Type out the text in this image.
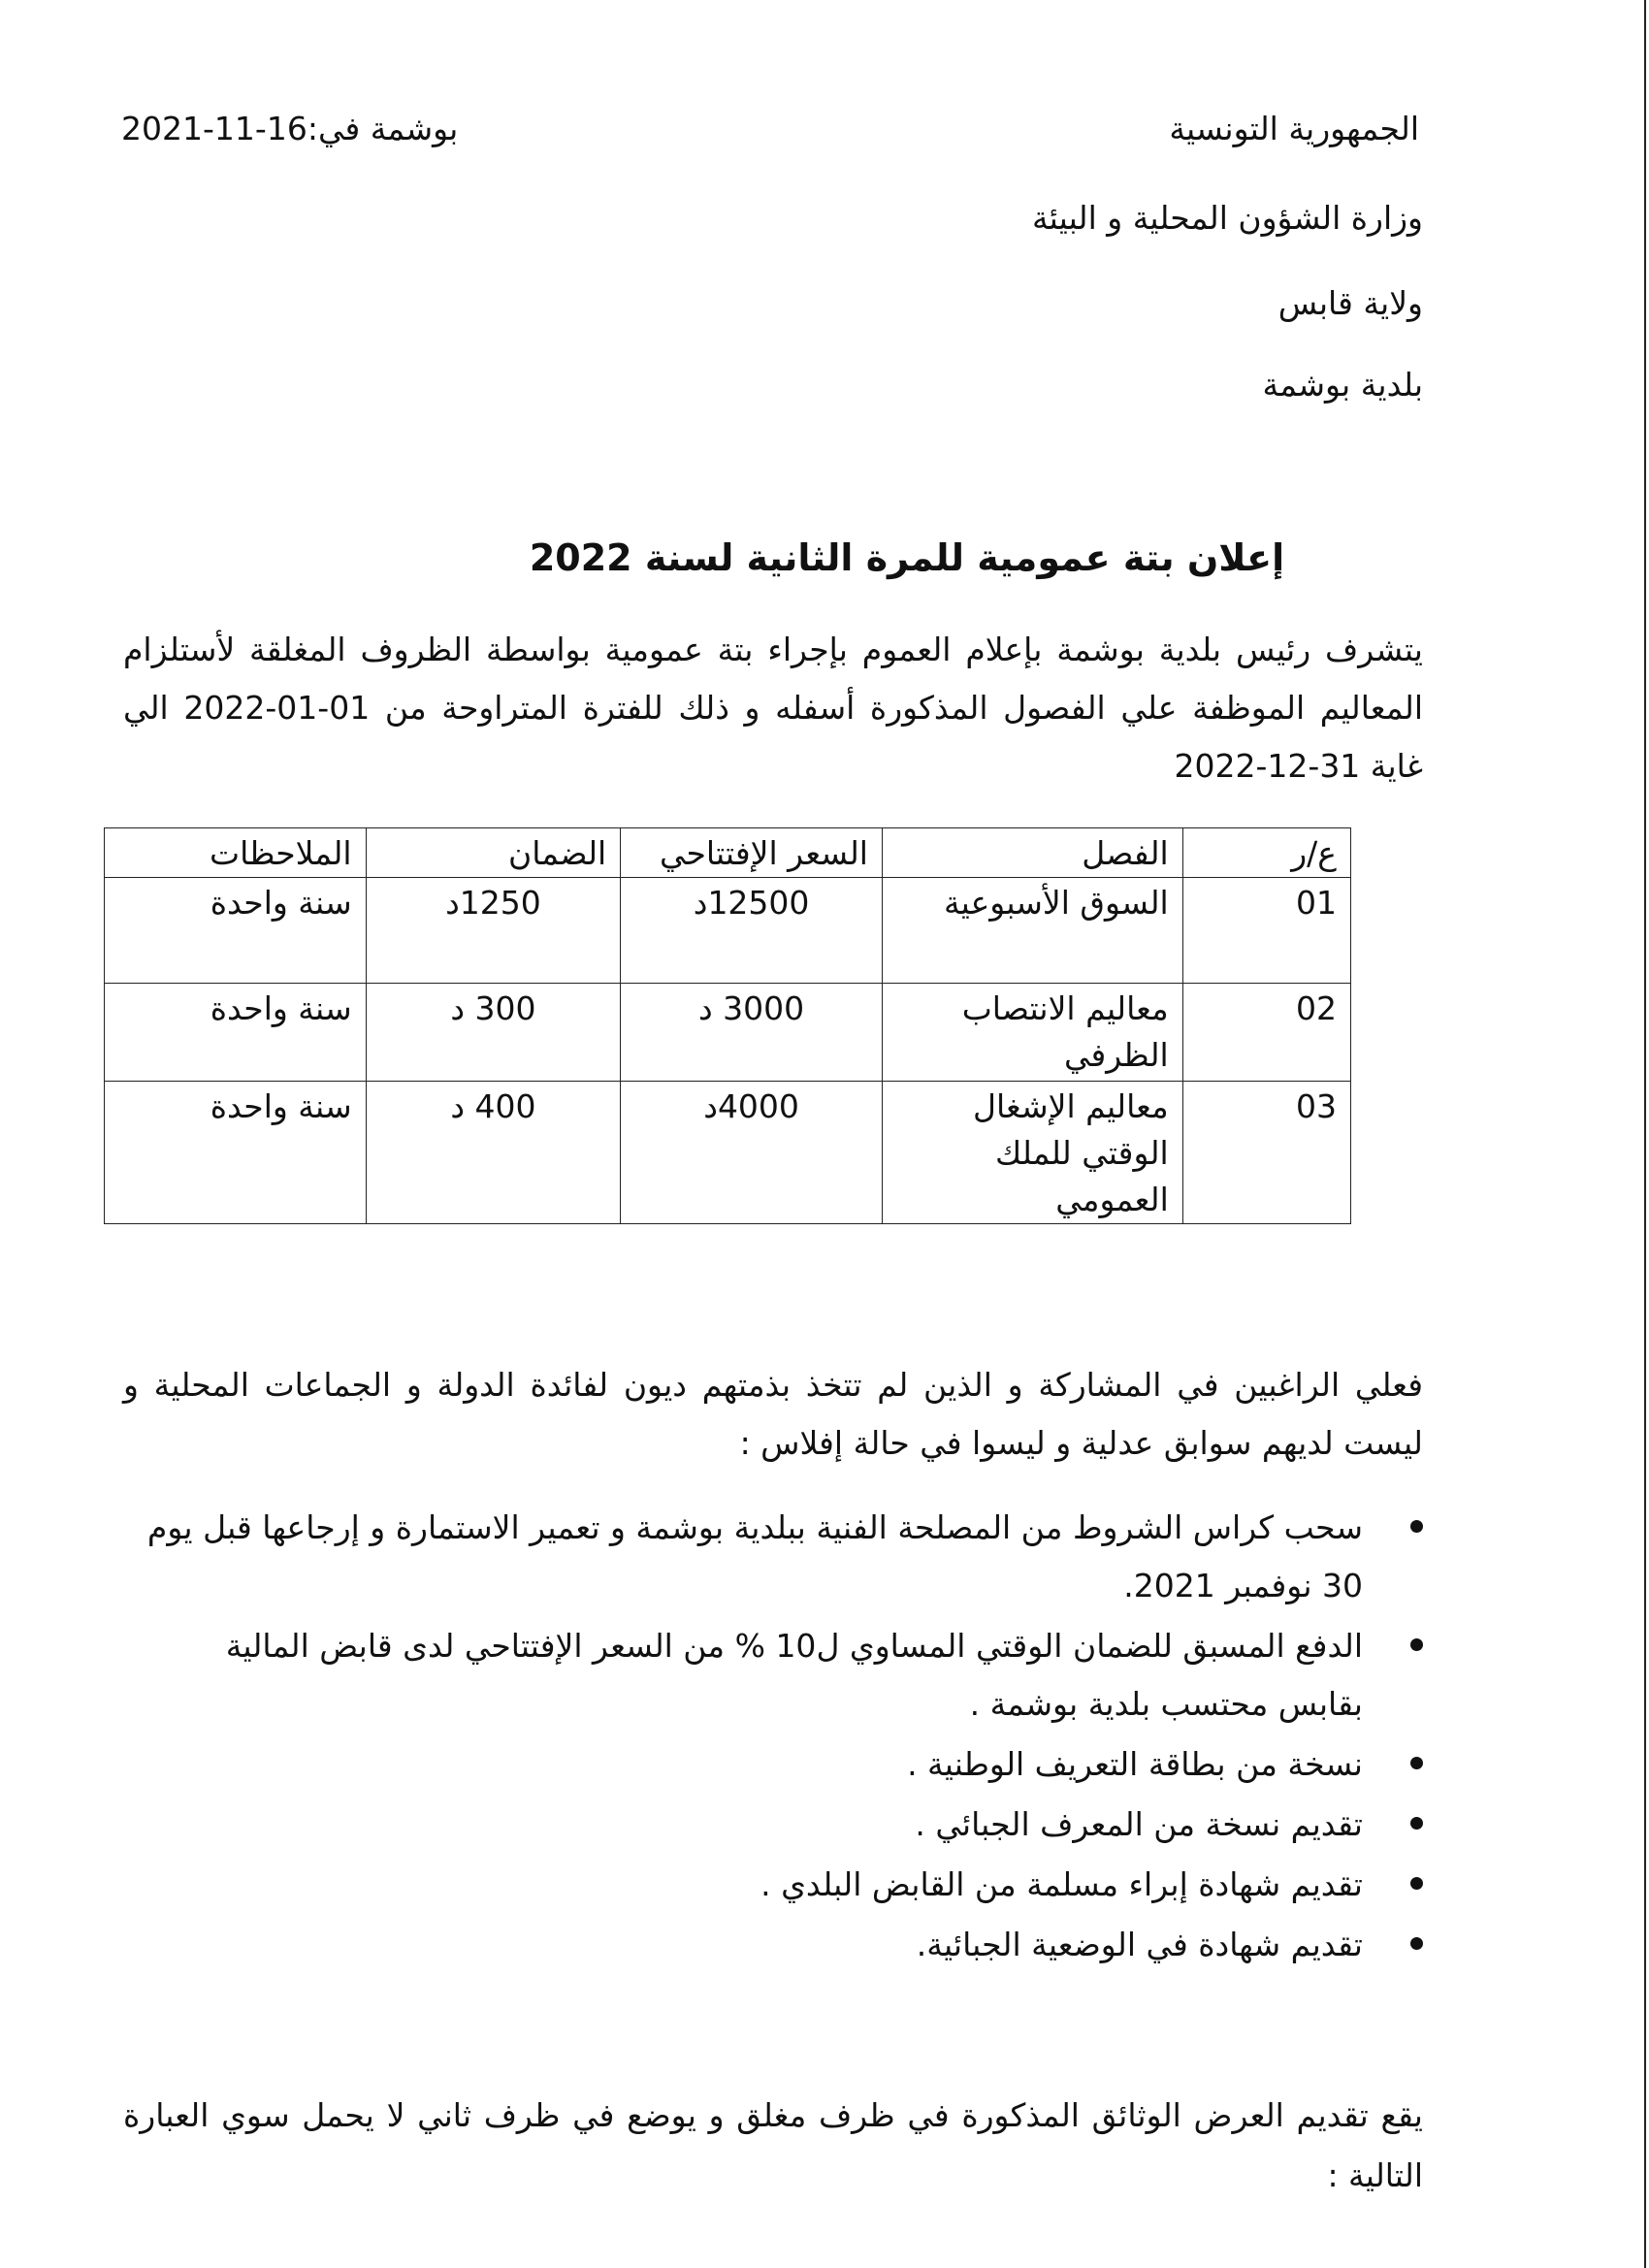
الجمهورية التونسية
بوشمة في:16-11-2021
وزارة الشؤون المحلية و البيئة
ولاية قابس
بلدية بوشمة
إعلان بتة عمومية للمرة الثانية لسنة 2022
يتشرف رئيس بلدية بوشمة بإعلام العموم بإجراء بتة عمومية بواسطة الظروف المغلقة لأستلزام المعاليم الموظفة علي الفصول المذكورة أسفله و ذلك للفترة المتراوحة من 01-01-2022 الي غاية 31-12-2022
ع/ر	الفصل	السعر الإفتتاحي	الضمان	الملاحظات
01	السوق الأسبوعية	12500د	1250د	سنة واحدة
02	معاليم الانتصاب الظرفي	3000 د	300 د	سنة واحدة
03	معاليم الإشغال الوقتي للملك العمومي	4000د	400 د	سنة واحدة
فعلي الراغبين في المشاركة و الذين لم تتخذ بذمتهم ديون لفائدة الدولة و الجماعات المحلية و ليست لديهم سوابق عدلية و ليسوا في حالة إفلاس :
سحب كراس الشروط من المصلحة الفنية ببلدية بوشمة و تعمير الاستمارة و إرجاعها قبل يوم 30 نوفمبر 2021.
الدفع المسبق للضمان الوقتي المساوي ل10 % من السعر الإفتتاحي لدى قابض المالية بقابس محتسب بلدية بوشمة .
نسخة من بطاقة التعريف الوطنية .
تقديم نسخة من المعرف الجبائي .
تقديم شهادة إبراء مسلمة من القابض البلدي .
تقديم شهادة في الوضعية الجبائية.
يقع تقديم العرض الوثائق المذكورة في ظرف مغلق و يوضع في ظرف ثاني لا يحمل سوي العبارة التالية :
